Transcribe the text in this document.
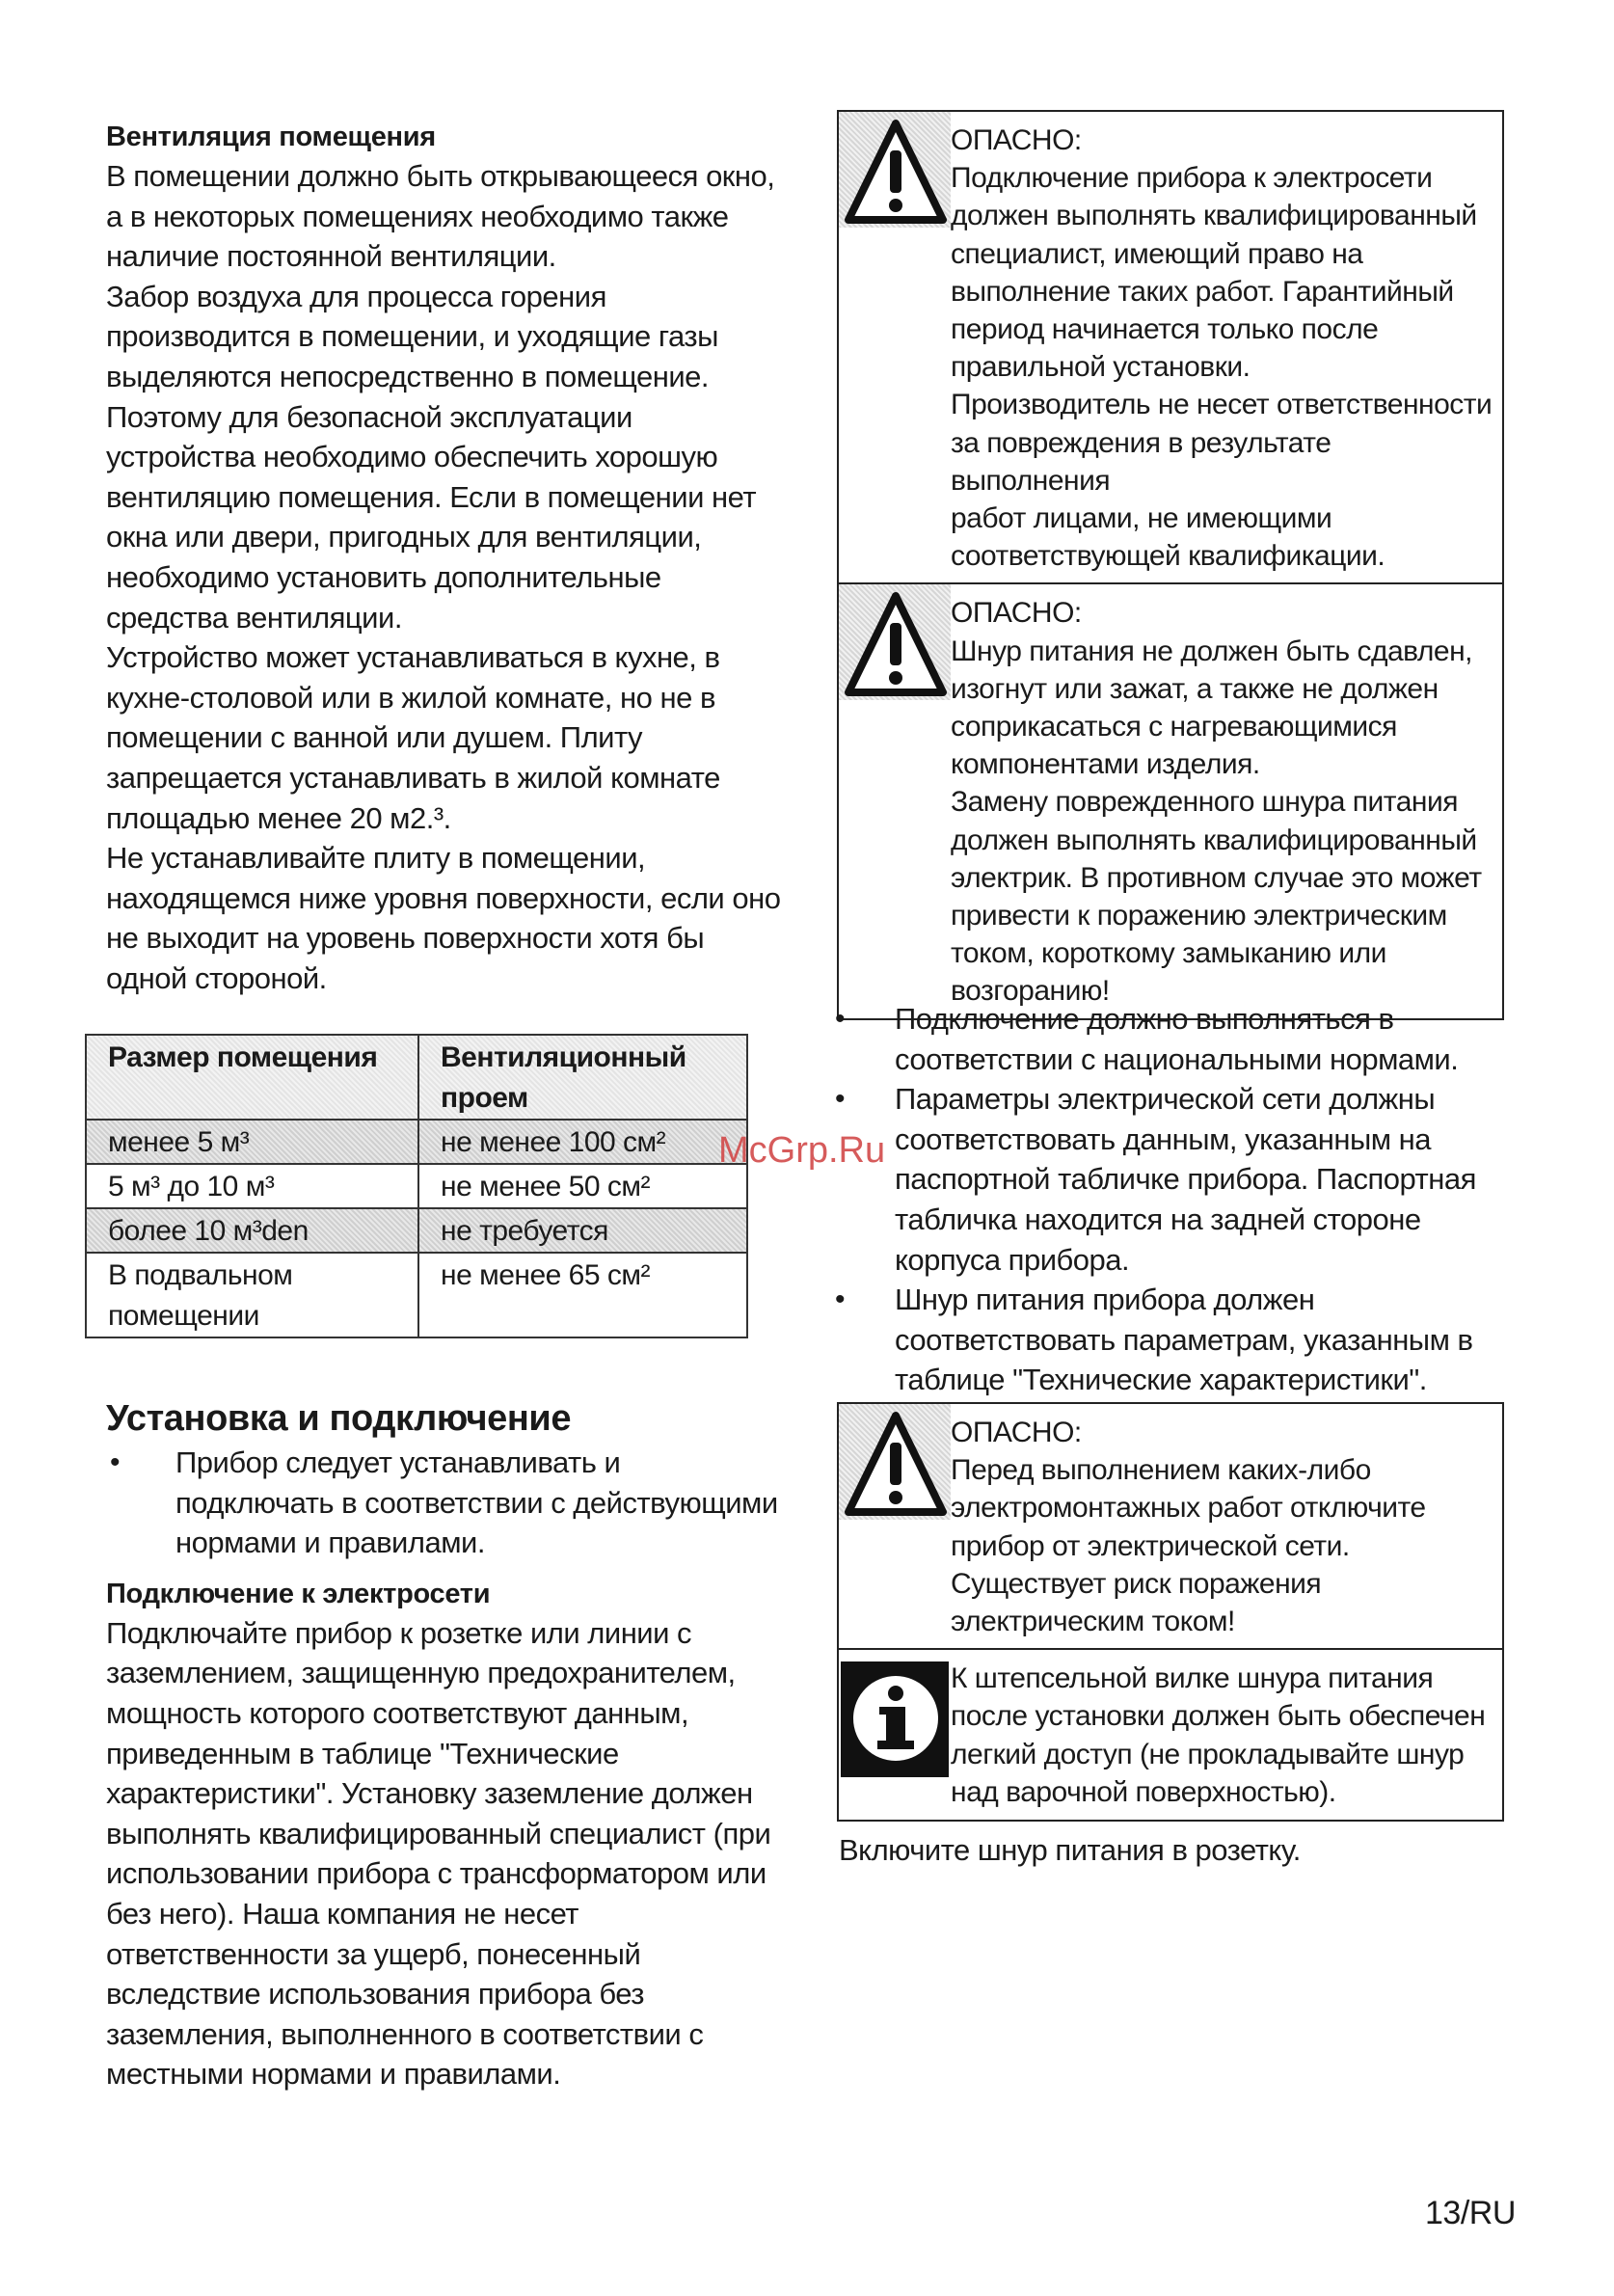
Вентиляция помещения
В помещении должно быть открывающееся окно,
а в некоторых помещениях необходимо также
наличие постоянной вентиляции.
Забор воздуха для процесса горения
производится в помещении, и уходящие газы
выделяются непосредственно в помещение.
Поэтому для безопасной эксплуатации
устройства необходимо обеспечить хорошую
вентиляцию помещения. Если в помещении нет
окна или двери, пригодных для вентиляции,
необходимо установить дополнительные
средства вентиляции.
Устройство может устанавливаться в кухне, в
кухне-столовой или в жилой комнате, но не в
помещении с ванной или душем. Плиту
запрещается устанавливать в жилой комнате
площадью менее 20 м2.³.
Не устанавливайте плиту в помещении,
находящемся ниже уровня поверхности, если оно
не выходит на уровень поверхности хотя бы
одной стороной.
Размер помещения	Вентиляционный проем
менее 5 м³	не менее 100 см²
5 м³ до 10 м³	не менее 50 см²
более 10 м³den	не требуется
В подвальном помещении	не менее 65 см²
Установка и подключение
•	Прибор следует устанавливать и
подключать в соответствии с действующими
нормами и правилами.
Подключение к электросети
Подключайте прибор к розетке или линии с
заземлением, защищенную предохранителем,
мощность которого соответствуют данным,
приведенным в таблице "Технические
характеристики". Установку заземление должен
выполнять квалифицированный специалист (при
использовании прибора с трансформатором или
без него). Наша компания не несет
ответственности за ущерб, понесенный
вследствие использования прибора без
заземления, выполненного в соответствии с
местными нормами и правилами.
ОПАСНО:
Подключение прибора к электросети
должен выполнять квалифицированный
специалист, имеющий право на
выполнение таких работ. Гарантийный
период начинается только после
правильной установки.
Производитель не несет ответственности
за повреждения в результате выполнения
работ лицами, не имеющими
соответствующей квалификации.
ОПАСНО:
Шнур питания не должен быть сдавлен,
изогнут или зажат, а также не должен
соприкасаться с нагревающимися
компонентами изделия.
Замену поврежденного шнура питания
должен выполнять квалифицированный
электрик. В противном случае это может
привести к поражению электрическим
током, короткому замыканию или
возгоранию!
•	Подключение должно выполняться в
соответствии с национальными нормами.
•	Параметры электрической сети должны
соответствовать данным, указанным на
паспортной табличке прибора. Паспортная
табличка находится на задней стороне
корпуса прибора.
•	Шнур питания прибора должен
соответствовать параметрам, указанным в
таблице "Технические характеристики".
ОПАСНО:
Перед выполнением каких-либо
электромонтажных работ отключите
прибор от электрической сети.
Существует риск поражения
электрическим током!
К штепсельной вилке шнура питания
после установки должен быть обеспечен
легкий доступ (не прокладывайте шнур
над варочной поверхностью).
Включите шнур питания в розетку.
McGrp.Ru
13/RU
